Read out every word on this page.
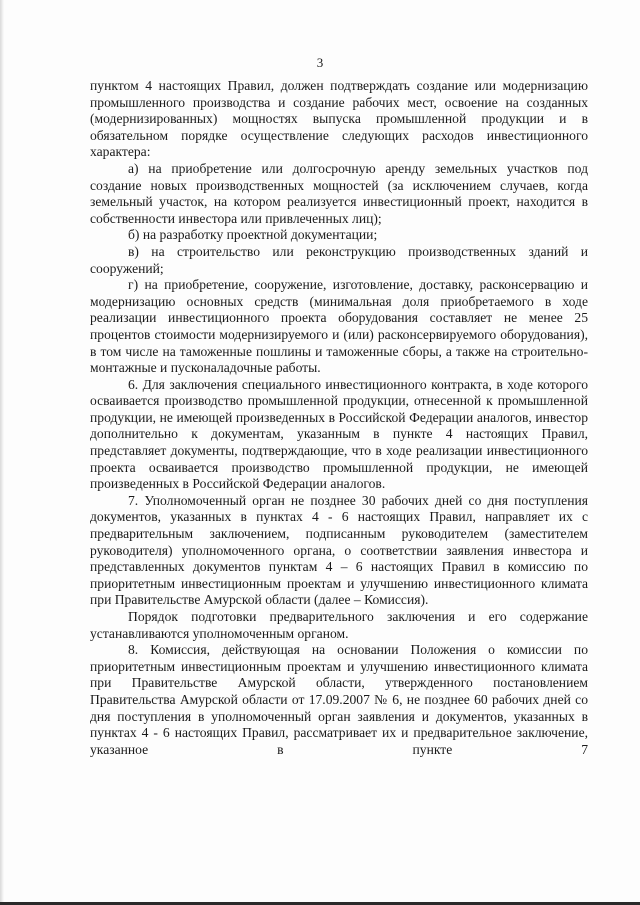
3

пунктом 4 настоящих Правил, должен подтверждать создание или модернизацию промышленного производства и создание рабочих мест, освоение на созданных (модернизированных) мощностях выпуска промышленной продукции и в обязательном порядке осуществление следующих расходов инвестиционного характера:

а) на приобретение или долгосрочную аренду земельных участков под создание новых производственных мощностей (за исключением случаев, когда земельный участок, на котором реализуется инвестиционный проект, находится в собственности инвестора или привлеченных лиц);

б) на разработку проектной документации;

в) на строительство или реконструкцию производственных зданий и сооружений;

г) на приобретение, сооружение, изготовление, доставку, расконсервацию и модернизацию основных средств (минимальная доля приобретаемого в ходе реализации инвестиционного проекта оборудования составляет не менее 25 процентов стоимости модернизируемого и (или) расконсервируемого оборудования), в том числе на таможенные пошлины и таможенные сборы, а также на строительно-монтажные и пусконаладочные работы.

6. Для заключения специального инвестиционного контракта, в ходе которого осваивается производство промышленной продукции, отнесенной к промышленной продукции, не имеющей произведенных в Российской Федерации аналогов, инвестор дополнительно к документам, указанным в пункте 4 настоящих Правил, представляет документы, подтверждающие, что в ходе реализации инвестиционного проекта осваивается производство промышленной продукции, не имеющей произведенных в Российской Федерации аналогов.

7. Уполномоченный орган не позднее 30 рабочих дней со дня поступления документов, указанных в пунктах 4 - 6 настоящих Правил, направляет их с предварительным заключением, подписанным руководителем (заместителем руководителя) уполномоченного органа, о соответствии заявления инвестора и представленных документов пунктам 4 – 6 настоящих Правил в комиссию по приоритетным инвестиционным проектам и улучшению инвестиционного климата при Правительстве Амурской области (далее – Комиссия).

Порядок подготовки предварительного заключения и его содержание устанавливаются уполномоченным органом.

8. Комиссия, действующая на основании Положения о комиссии по приоритетным инвестиционным проектам и улучшению инвестиционного климата при Правительстве Амурской области, утвержденного постановлением Правительства Амурской области от 17.09.2007 № 6, не позднее 60 рабочих дней со дня поступления в уполномоченный орган заявления и документов, указанных в пунктах 4 - 6 настоящих Правил, рассматривает их и предварительное заключение, указанное в пункте 7
